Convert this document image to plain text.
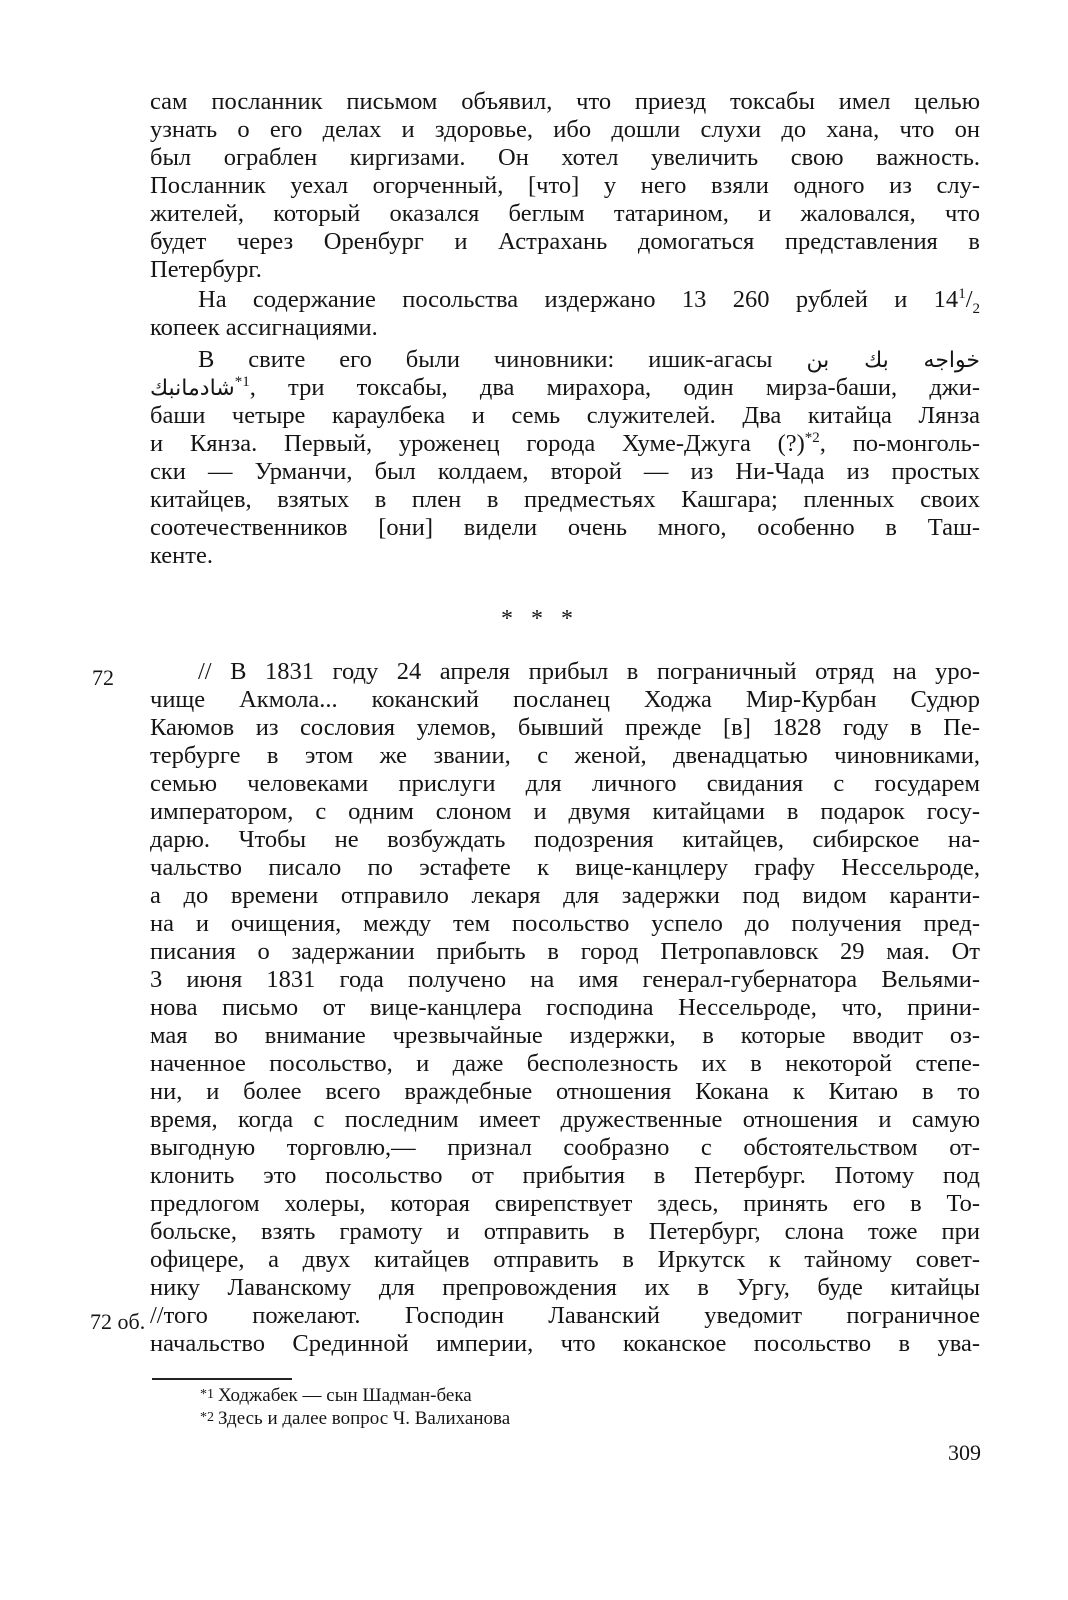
сам посланник письмом объявил, что приезд токсабы имел целью
узнать о его делах и здоровье, ибо дошли слухи до хана, что он
был ограблен киргизами. Он хотел увеличить свою важность.
Посланник уехал огорченный, [что] у него взяли одного из слу-
жителей, который оказался беглым татарином, и жаловался, что
будет через Оренбург и Астрахань домогаться представления в
Петербург.
На содержание посольства издержано 13 260 рублей и $14^1/_2$
копеек ассигнациями.
В свите его были чиновники: ишик-агасы خواجه بك بن
شادمانبك$^{*1}$, три токсабы, два мирахора, один мирза-баши, джи-
баши четыре караулбека и семь служителей. Два китайца Лянза
и Кянза. Первый, уроженец города Хуме-Джуга (?)$^{*2}$, по-монголь-
ски — Урманчи, был колдаем, второй — из Ни-Чада из простых
китайцев, взятых в плен в предместьях Кашгара; пленных своих
соотечественников [они] видели очень много, особенно в Таш-
кенте.
* * *
72
72 об.
// В 1831 году 24 апреля прибыл в пограничный отряд на уро-
чище Акмола... коканский посланец Ходжа Мир-Курбан Судюр
Каюмов из сословия улемов, бывший прежде [в] 1828 году в Пе-
тербурге в этом же звании, с женой, двенадцатью чиновниками,
семью человеками прислуги для личного свидания с государем
императором, с одним слоном и двумя китайцами в подарок госу-
дарю. Чтобы не возбуждать подозрения китайцев, сибирское на-
чальство писало по эстафете к вице-канцлеру графу Нессельроде,
а до времени отправило лекаря для задержки под видом каранти-
на и очищения, между тем посольство успело до получения пред-
писания о задержании прибыть в город Петропавловск 29 мая. От
3 июня 1831 года получено на имя генерал-губернатора Вельями-
нова письмо от вице-канцлера господина Нессельроде, что, прини-
мая во внимание чрезвычайные издержки, в которые вводит оз-
наченное посольство, и даже бесполезность их в некоторой степе-
ни, и более всего враждебные отношения Кокана к Китаю в то
время, когда с последним имеет дружественные отношения и самую
выгодную торговлю,— признал сообразно с обстоятельством от-
клонить это посольство от прибытия в Петербург. Потому под
предлогом холеры, которая свирепствует здесь, принять его в То-
больске, взять грамоту и отправить в Петербург, слона тоже при
офицере, а двух китайцев отправить в Иркутск к тайному совет-
нику Лаванскому для препровождения их в Ургу, буде китайцы
//того пожелают. Господин Лаванский уведомит пограничное
начальство Срединной империи, что коканское посольство в ува-
*1 Ходжабек — сын Шадман-бека
*2 Здесь и далее вопрос Ч. Валиханова
309
